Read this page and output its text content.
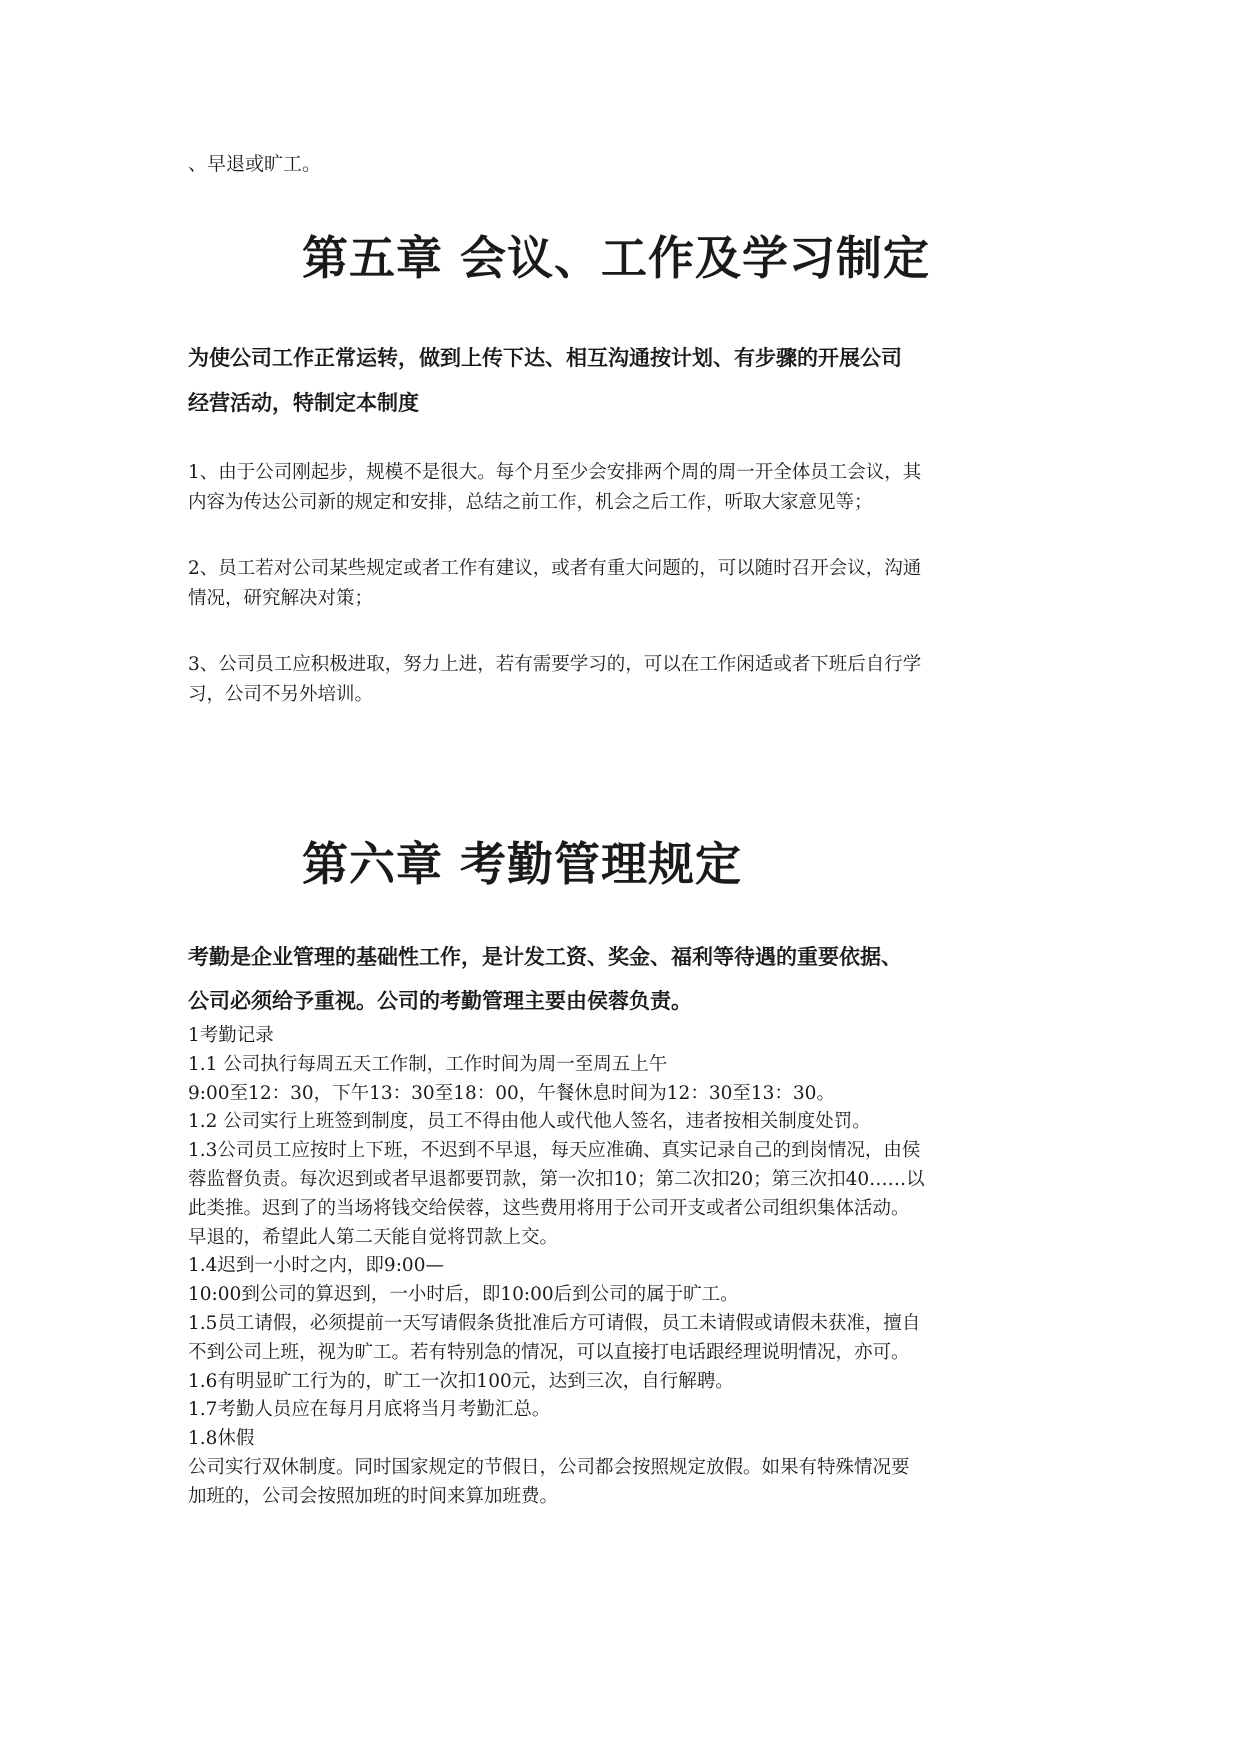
、早退或旷工。
第五章 会议、工作及学习制定
为使公司工作正常运转，做到上传下达、相互沟通按计划、有步骤的开展公司
经营活动，特制定本制度
1、由于公司刚起步，规模不是很大。每个月至少会安排两个周的周一开全体员工会议，其
内容为传达公司新的规定和安排，总结之前工作，机会之后工作，听取大家意见等；
2、员工若对公司某些规定或者工作有建议，或者有重大问题的，可以随时召开会议，沟通
情况，研究解决对策；
3、公司员工应积极进取，努力上进，若有需要学习的，可以在工作闲适或者下班后自行学
习，公司不另外培训。
第六章 考勤管理规定
考勤是企业管理的基础性工作，是计发工资、奖金、福利等待遇的重要依据、
公司必须给予重视。公司的考勤管理主要由侯蓉负责。
1考勤记录
1.1 公司执行每周五天工作制，工作时间为周一至周五上午
9:00至12：30，下午13：30至18：00，午餐休息时间为12：30至13：30。
1.2 公司实行上班签到制度，员工不得由他人或代他人签名，违者按相关制度处罚。
1.3公司员工应按时上下班，不迟到不早退，每天应准确、真实记录自己的到岗情况，由侯
蓉监督负责。每次迟到或者早退都要罚款，第一次扣10；第二次扣20；第三次扣40……以
此类推。迟到了的当场将钱交给侯蓉，这些费用将用于公司开支或者公司组织集体活动。
早退的，希望此人第二天能自觉将罚款上交。
1.4迟到一小时之内，即9:00—
10:00到公司的算迟到，一小时后，即10:00后到公司的属于旷工。
1.5员工请假，必须提前一天写请假条货批准后方可请假，员工未请假或请假未获准，擅自
不到公司上班，视为旷工。若有特别急的情况，可以直接打电话跟经理说明情况，亦可。
1.6有明显旷工行为的，旷工一次扣100元，达到三次，自行解聘。
1.7考勤人员应在每月月底将当月考勤汇总。
1.8休假
公司实行双休制度。同时国家规定的节假日，公司都会按照规定放假。如果有特殊情况要
加班的，公司会按照加班的时间来算加班费。
